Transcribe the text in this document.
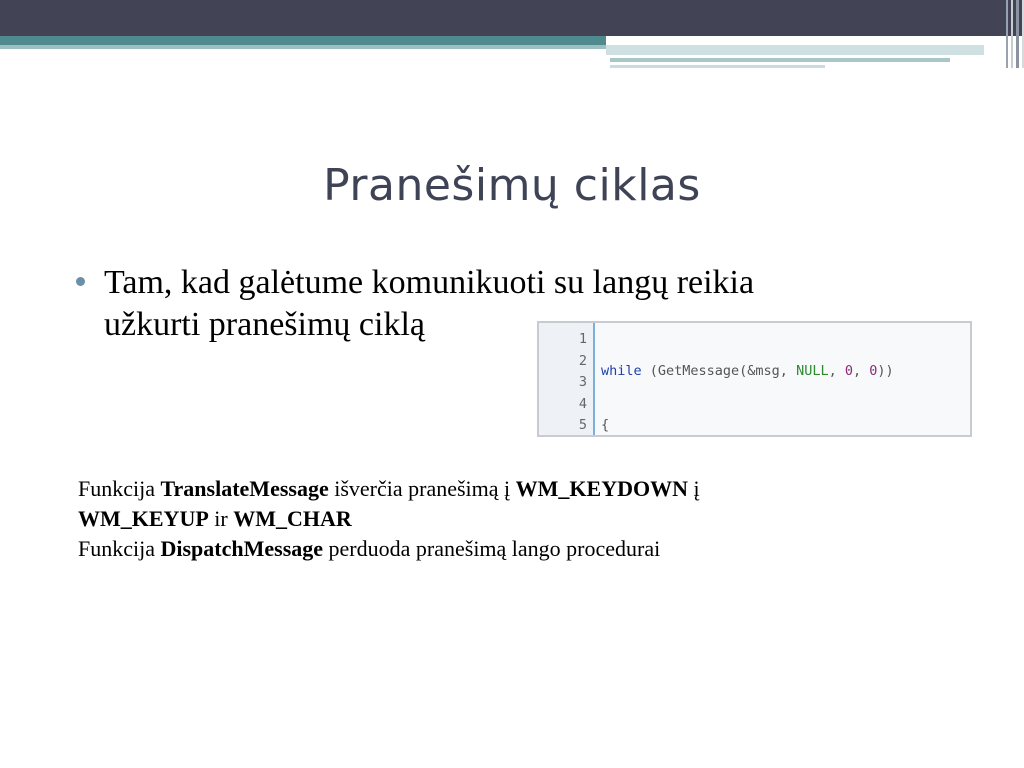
Pranešimų ciklas
Tam, kad galėtume komunikuoti su langų reikia
užkurti pranešimų ciklą	1
2
3
4
5

while (GetMessage(&msg, NULL, 0, 0))

{

Funkcija TranslateMessage išverčia pranešimą į WM_KEYDOWN į
WM_KEYUP ir WM_CHAR
Funkcija DispatchMessage perduoda pranešimą lango procedurai
